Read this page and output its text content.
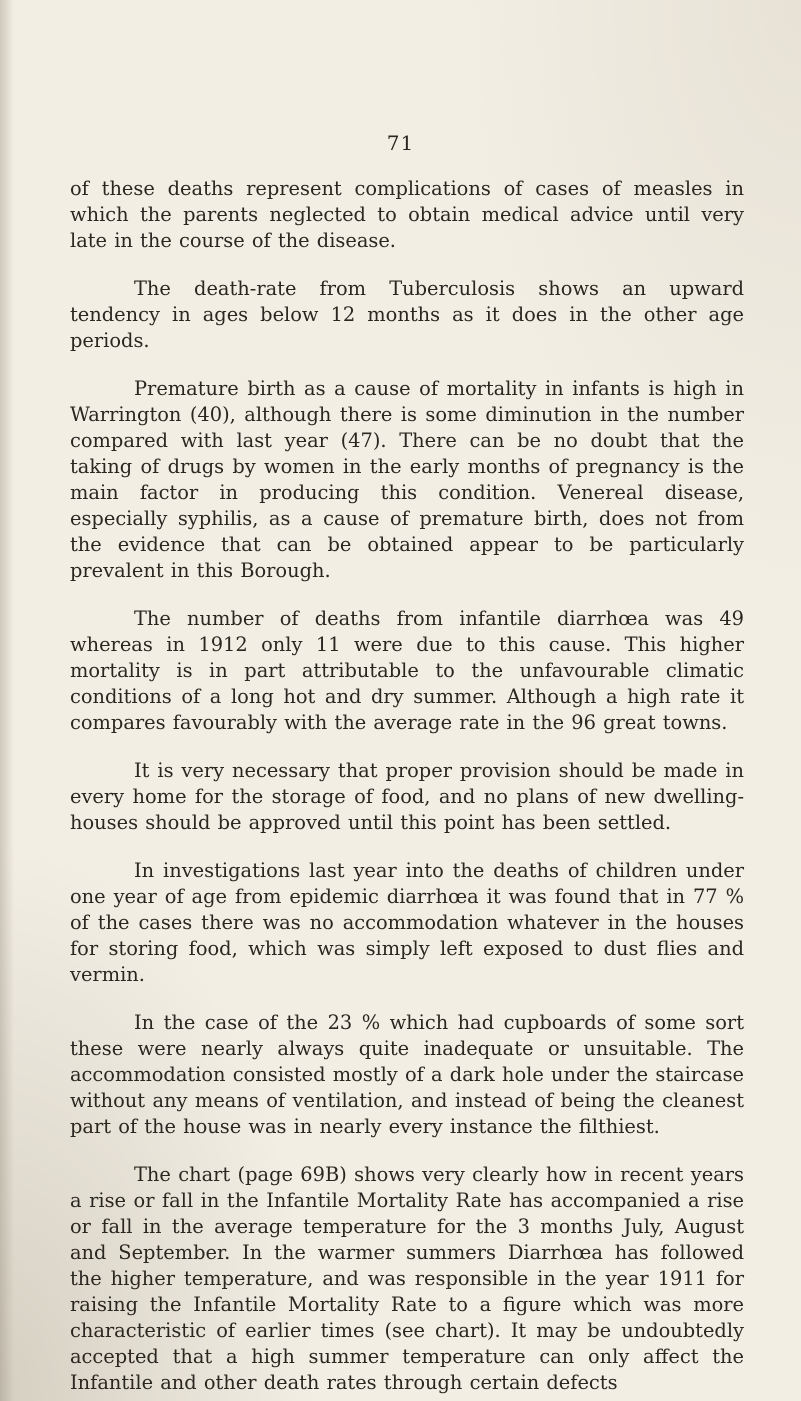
71

of these deaths represent complications of cases of measles in which the parents neglected to obtain medical advice until very late in the course of the disease.

The death-rate from Tuberculosis shows an upward tendency in ages below 12 months as it does in the other age periods.

Premature birth as a cause of mortality in infants is high in Warrington (40), although there is some diminution in the number compared with last year (47). There can be no doubt that the taking of drugs by women in the early months of pregnancy is the main factor in producing this condition. Venereal disease, especially syphilis, as a cause of premature birth, does not from the evidence that can be obtained appear to be particularly prevalent in this Borough.

The number of deaths from infantile diarrhœa was 49 whereas in 1912 only 11 were due to this cause. This higher mortality is in part attributable to the unfavourable climatic conditions of a long hot and dry summer. Although a high rate it compares favourably with the average rate in the 96 great towns.

It is very necessary that proper provision should be made in every home for the storage of food, and no plans of new dwelling-houses should be approved until this point has been settled.

In investigations last year into the deaths of children under one year of age from epidemic diarrhœa it was found that in 77 % of the cases there was no accommodation whatever in the houses for storing food, which was simply left exposed to dust flies and vermin.

In the case of the 23 % which had cupboards of some sort these were nearly always quite inadequate or unsuitable. The accommodation consisted mostly of a dark hole under the staircase without any means of ventilation, and instead of being the cleanest part of the house was in nearly every instance the filthiest.

The chart (page 69B) shows very clearly how in recent years a rise or fall in the Infantile Mortality Rate has accompanied a rise or fall in the average temperature for the 3 months July, August and September. In the warmer summers Diarrhœa has followed the higher temperature, and was responsible in the year 1911 for raising the Infantile Mortality Rate to a figure which was more characteristic of earlier times (see chart). It may be undoubtedly accepted that a high summer temperature can only affect the Infantile and other death rates through certain defects
